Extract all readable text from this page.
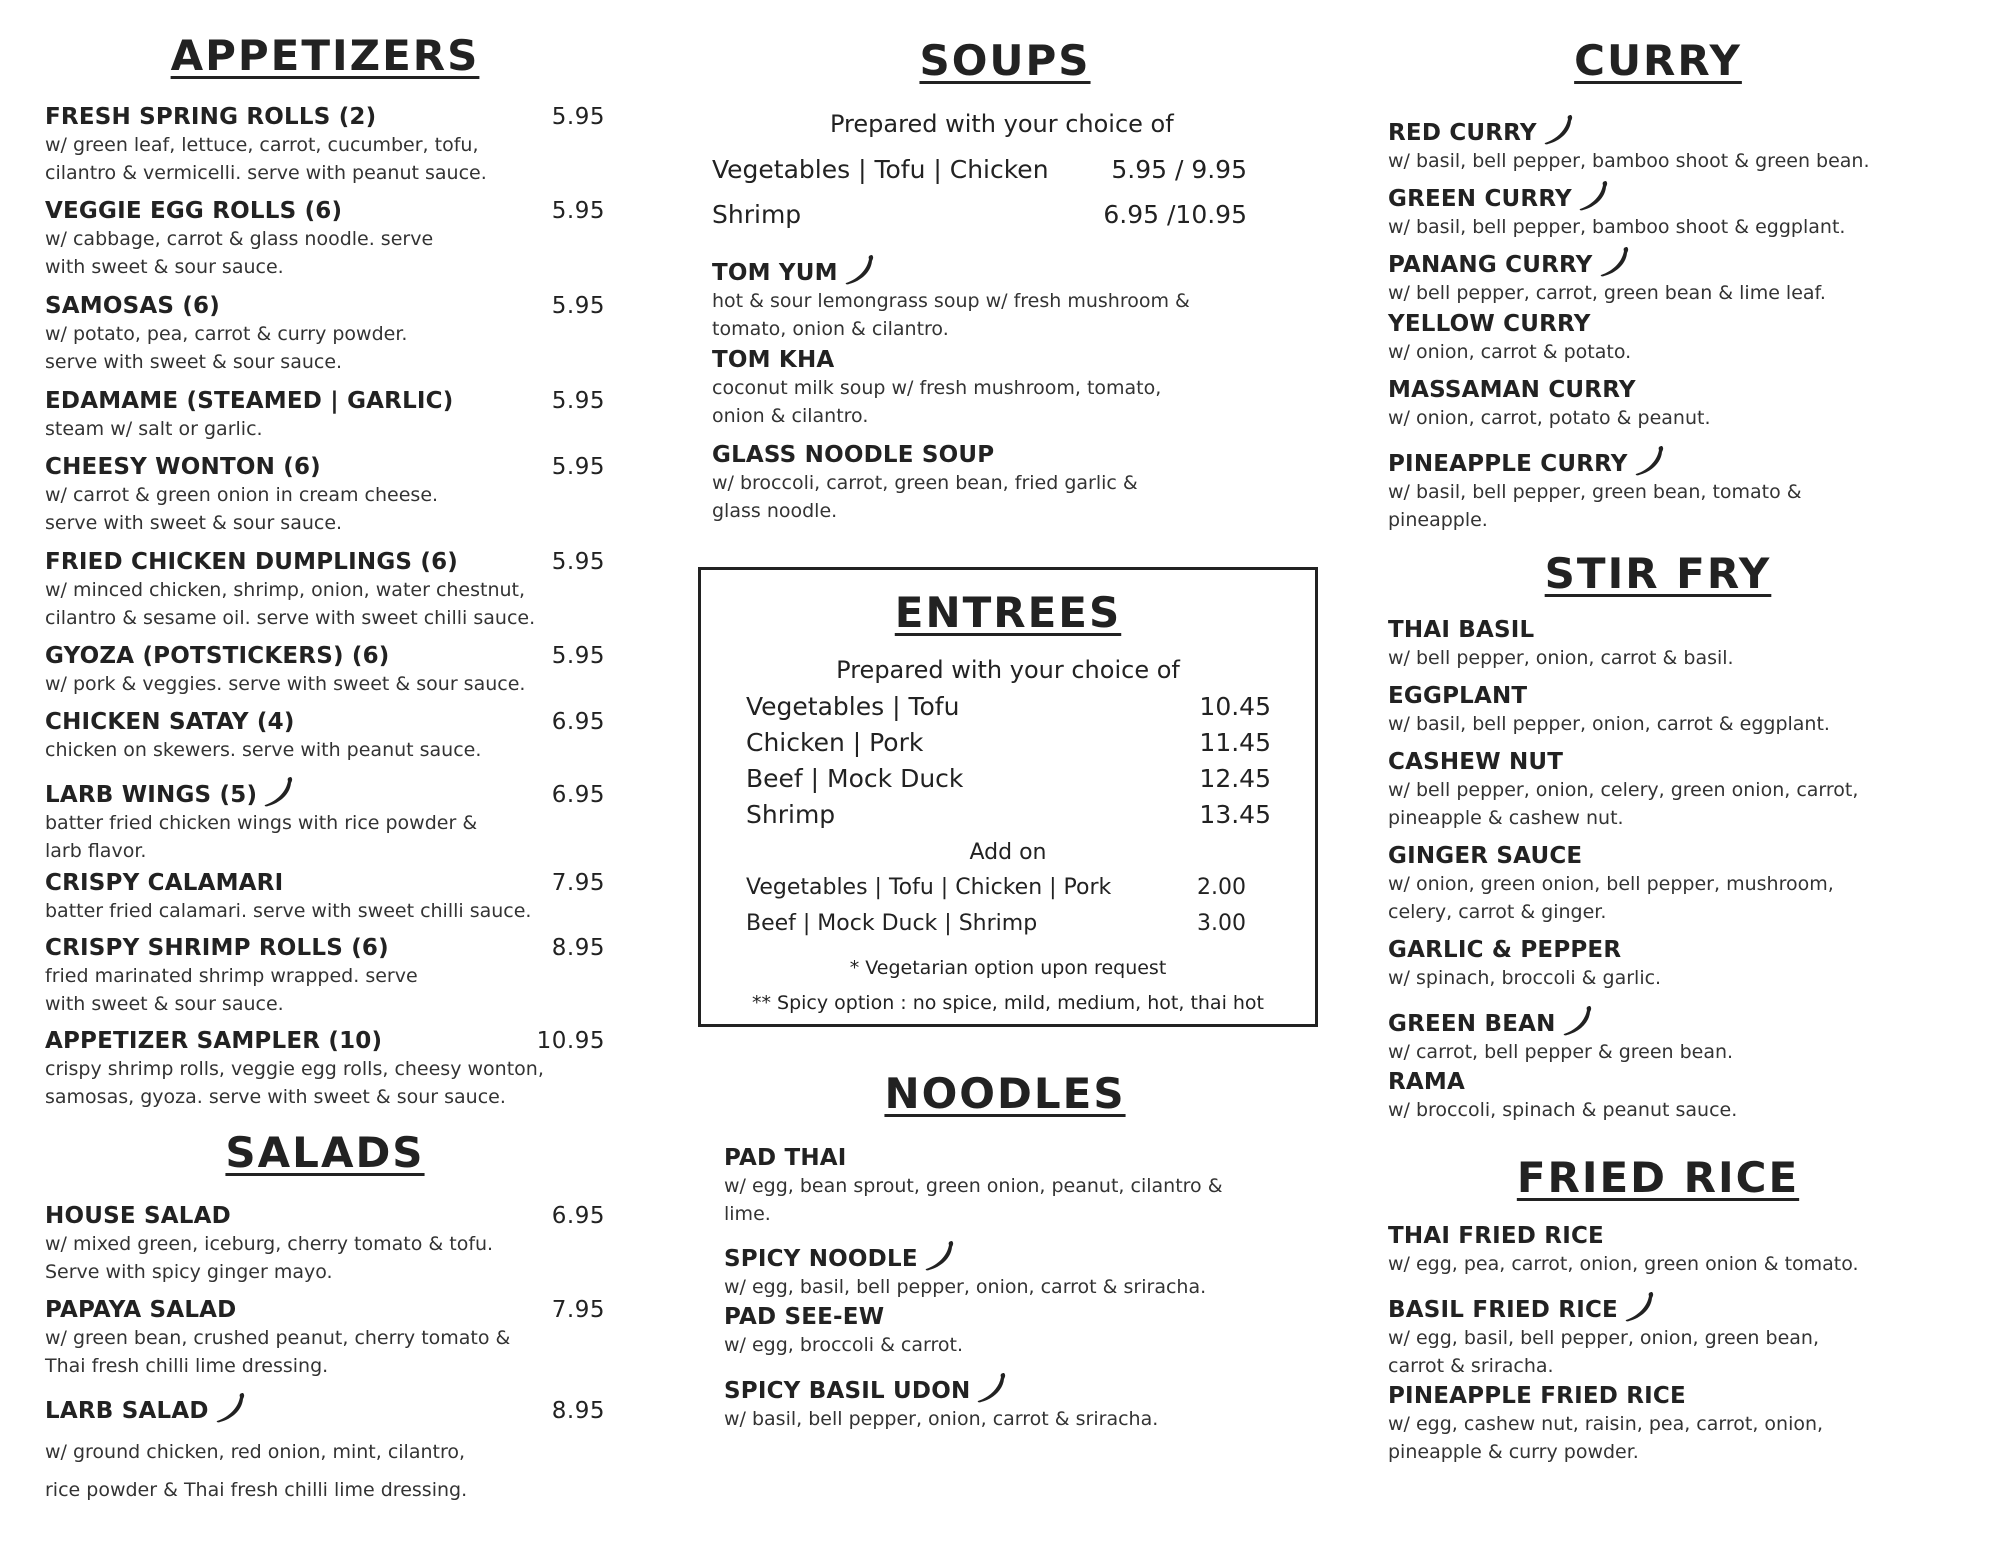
APPETIZERS
FRESH SPRING ROLLS (2)	5.95
w/ green leaf, lettuce, carrot, cucumber, tofu, cilantro & vermicelli. serve with peanut sauce.
VEGGIE EGG ROLLS (6)	5.95
w/ cabbage, carrot & glass noodle. serve with sweet & sour sauce.
SAMOSAS (6)	5.95
w/ potato, pea, carrot & curry powder. serve with sweet & sour sauce.
EDAMAME (STEAMED | GARLIC)	5.95
steam w/ salt or garlic.
CHEESY WONTON (6)	5.95
w/ carrot & green onion in cream cheese. serve with sweet & sour sauce.
FRIED CHICKEN DUMPLINGS (6)	5.95
w/ minced chicken, shrimp, onion, water chestnut, cilantro & sesame oil. serve with sweet chilli sauce.
GYOZA (POTSTICKERS) (6)	5.95
w/ pork & veggies. serve with sweet & sour sauce.
CHICKEN SATAY (4)	6.95
chicken on skewers. serve with peanut sauce.
LARB WINGS (5)	6.95
batter fried chicken wings with rice powder & larb flavor.
CRISPY CALAMARI	7.95
batter fried calamari. serve with sweet chilli sauce.
CRISPY SHRIMP ROLLS (6)	8.95
fried marinated shrimp wrapped. serve with sweet & sour sauce.
APPETIZER SAMPLER (10)	10.95
crispy shrimp rolls, veggie egg rolls, cheesy wonton, samosas, gyoza. serve with sweet & sour sauce.
SALADS
HOUSE SALAD	6.95
w/ mixed green, iceburg, cherry tomato & tofu. Serve with spicy ginger mayo.
PAPAYA SALAD	7.95
w/ green bean, crushed peanut, cherry tomato & Thai fresh chilli lime dressing.
LARB SALAD	8.95
w/ ground chicken, red onion, mint, cilantro,
rice powder & Thai fresh chilli lime dressing.
SOUPS
Prepared with your choice of
Vegetables | Tofu | Chicken	5.95 / 9.95
Shrimp	6.95 /10.95
TOM YUM
hot & sour lemongrass soup w/ fresh mushroom & tomato, onion & cilantro.
TOM KHA
coconut milk soup w/ fresh mushroom, tomato, onion & cilantro.
GLASS NOODLE SOUP
w/ broccoli, carrot, green bean, fried garlic & glass noodle.
NOODLES
PAD THAI
w/ egg, bean sprout, green onion, peanut, cilantro & lime.
SPICY NOODLE
w/ egg, basil, bell pepper, onion, carrot & sriracha.
PAD SEE-EW
w/ egg, broccoli & carrot.
SPICY BASIL UDON
w/ basil, bell pepper, onion, carrot & sriracha.
ENTREES
Prepared with your choice of
Vegetables | Tofu	10.45
Chicken | Pork	11.45
Beef | Mock Duck	12.45
Shrimp	13.45
Add on
Vegetables | Tofu | Chicken | Pork	2.00
Beef | Mock Duck | Shrimp	3.00
* Vegetarian option upon request
** Spicy option : no spice, mild, medium, hot, thai hot
CURRY
RED CURRY
w/ basil, bell pepper, bamboo shoot & green bean.
GREEN CURRY
w/ basil, bell pepper, bamboo shoot & eggplant.
PANANG CURRY
w/ bell pepper, carrot, green bean & lime leaf.
YELLOW CURRY
w/ onion, carrot & potato.
MASSAMAN CURRY
w/ onion, carrot, potato & peanut.
PINEAPPLE CURRY
w/ basil, bell pepper, green bean, tomato & pineapple.
STIR FRY
THAI BASIL
w/ bell pepper, onion, carrot & basil.
EGGPLANT
w/ basil, bell pepper, onion, carrot & eggplant.
CASHEW NUT
w/ bell pepper, onion, celery, green onion, carrot, pineapple & cashew nut.
GINGER SAUCE
w/ onion, green onion, bell pepper, mushroom, celery, carrot & ginger.
GARLIC & PEPPER
w/ spinach, broccoli & garlic.
GREEN BEAN
w/ carrot, bell pepper & green bean.
RAMA
w/ broccoli, spinach & peanut sauce.
FRIED RICE
THAI FRIED RICE
w/ egg, pea, carrot, onion, green onion & tomato.
BASIL FRIED RICE
w/ egg, basil, bell pepper, onion, green bean, carrot & sriracha.
PINEAPPLE FRIED RICE
w/ egg, cashew nut, raisin, pea, carrot, onion, pineapple & curry powder.
